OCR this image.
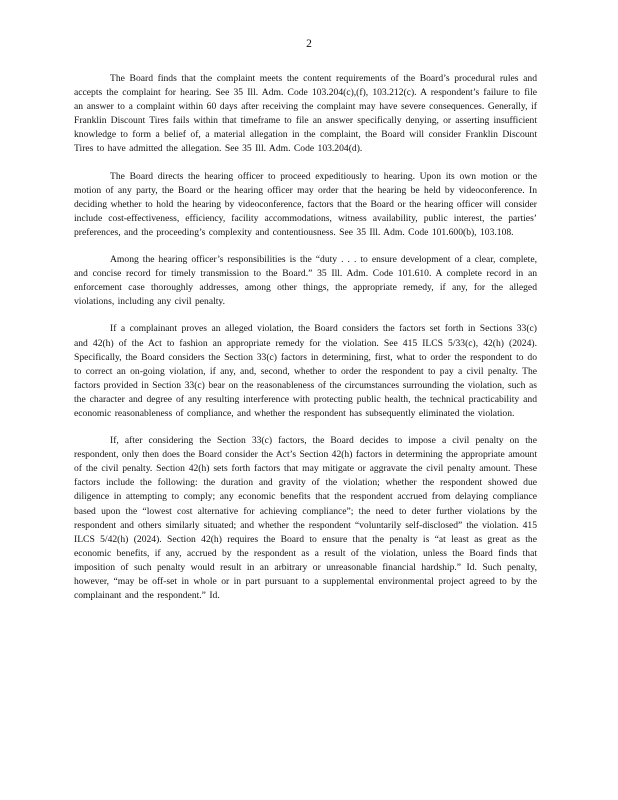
2

The Board finds that the complaint meets the content requirements of the Board’s procedural rules and accepts the complaint for hearing. See 35 Ill. Adm. Code 103.204(c),(f), 103.212(c). A respondent’s failure to file an answer to a complaint within 60 days after receiving the complaint may have severe consequences. Generally, if Franklin Discount Tires fails within that timeframe to file an answer specifically denying, or asserting insufficient knowledge to form a belief of, a material allegation in the complaint, the Board will consider Franklin Discount Tires to have admitted the allegation. See 35 Ill. Adm. Code 103.204(d).

The Board directs the hearing officer to proceed expeditiously to hearing. Upon its own motion or the motion of any party, the Board or the hearing officer may order that the hearing be held by videoconference. In deciding whether to hold the hearing by videoconference, factors that the Board or the hearing officer will consider include cost-effectiveness, efficiency, facility accommodations, witness availability, public interest, the parties’ preferences, and the proceeding’s complexity and contentiousness. See 35 Ill. Adm. Code 101.600(b), 103.108.

Among the hearing officer’s responsibilities is the “duty . . . to ensure development of a clear, complete, and concise record for timely transmission to the Board.” 35 Ill. Adm. Code 101.610. A complete record in an enforcement case thoroughly addresses, among other things, the appropriate remedy, if any, for the alleged violations, including any civil penalty.

If a complainant proves an alleged violation, the Board considers the factors set forth in Sections 33(c) and 42(h) of the Act to fashion an appropriate remedy for the violation. See 415 ILCS 5/33(c), 42(h) (2024). Specifically, the Board considers the Section 33(c) factors in determining, first, what to order the respondent to do to correct an on-going violation, if any, and, second, whether to order the respondent to pay a civil penalty. The factors provided in Section 33(c) bear on the reasonableness of the circumstances surrounding the violation, such as the character and degree of any resulting interference with protecting public health, the technical practicability and economic reasonableness of compliance, and whether the respondent has subsequently eliminated the violation.

If, after considering the Section 33(c) factors, the Board decides to impose a civil penalty on the respondent, only then does the Board consider the Act’s Section 42(h) factors in determining the appropriate amount of the civil penalty. Section 42(h) sets forth factors that may mitigate or aggravate the civil penalty amount. These factors include the following: the duration and gravity of the violation; whether the respondent showed due diligence in attempting to comply; any economic benefits that the respondent accrued from delaying compliance based upon the “lowest cost alternative for achieving compliance”; the need to deter further violations by the respondent and others similarly situated; and whether the respondent “voluntarily self-disclosed” the violation. 415 ILCS 5/42(h) (2024). Section 42(h) requires the Board to ensure that the penalty is “at least as great as the economic benefits, if any, accrued by the respondent as a result of the violation, unless the Board finds that imposition of such penalty would result in an arbitrary or unreasonable financial hardship.” Id. Such penalty, however, “may be off-set in whole or in part pursuant to a supplemental environmental project agreed to by the complainant and the respondent.” Id.
